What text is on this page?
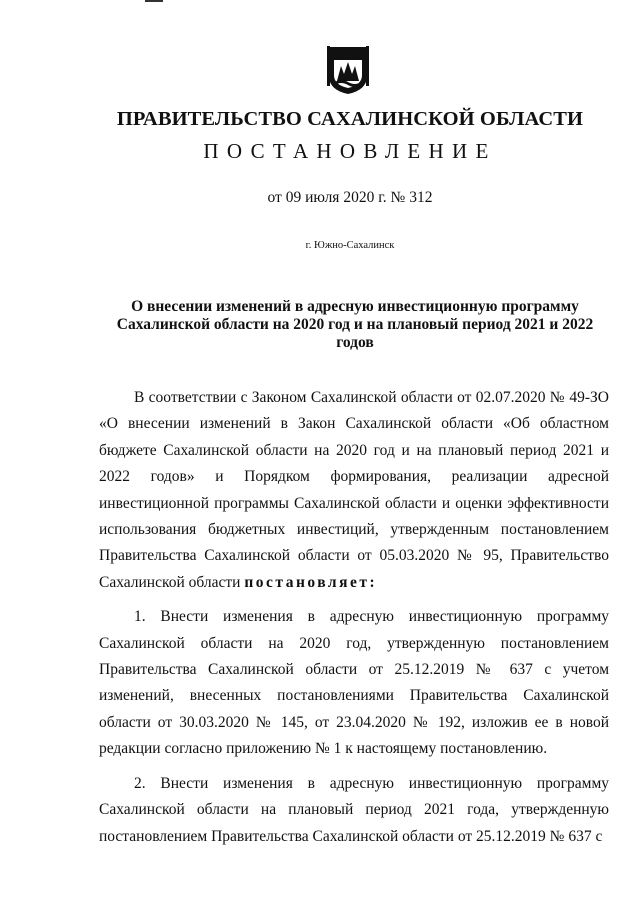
ПРАВИТЕЛЬСТВО САХАЛИНСКОЙ ОБЛАСТИ
ПОСТАНОВЛЕНИЕ
от 09 июля 2020 г. № 312
г. Южно-Сахалинск
О внесении изменений в адресную инвестиционную программу Сахалинской области на 2020 год и на плановый период 2021 и 2022 годов

В соответствии с Законом Сахалинской области от 02.07.2020 № 49-ЗО «О внесении изменений в Закон Сахалинской области «Об областном бюджете Сахалинской области на 2020 год и на плановый период 2021 и 2022 годов» и Порядком формирования, реализации адресной инвестиционной программы Сахалинской области и оценки эффективности использования бюджетных инвестиций, утвержденным постановлением Правительства Сахалинской области от 05.03.2020 № 95, Правительство Сахалинской области постановляет:

1. Внести изменения в адресную инвестиционную программу Сахалинской области на 2020 год, утвержденную постановлением Правительства Сахалинской области от 25.12.2019 № 637 с учетом изменений, внесенных постановлениями Правительства Сахалинской области от 30.03.2020 № 145, от 23.04.2020 № 192, изложив ее в новой редакции согласно приложению № 1 к настоящему постановлению.

2. Внести изменения в адресную инвестиционную программу Сахалинской области на плановый период 2021 года, утвержденную постановлением Правительства Сахалинской области от 25.12.2019 № 637 с
